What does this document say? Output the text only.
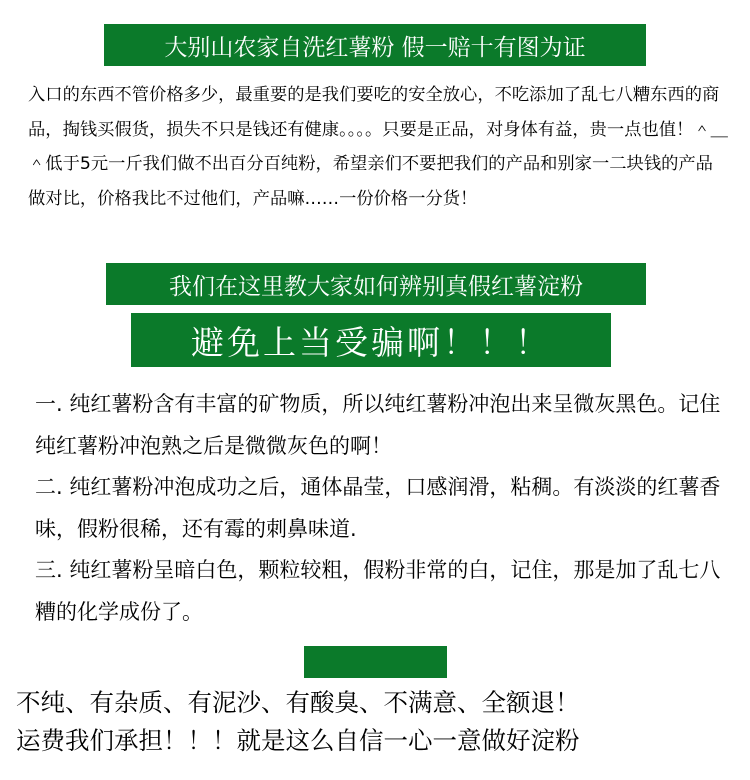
大别山农家自洗红薯粉 假一赔十有图为证
入口的东西不管价格多少，最重要的是我们要吃的安全放心，不吃添加了乱七八糟东西的商品，掏钱买假货，损失不只是钱还有健康。。。。只要是正品，对身体有益，贵一点也值！＾＿＾低于5元一斤我们做不出百分百纯粉，希望亲们不要把我们的产品和别家一二块钱的产品做对比，价格我比不过他们，产品嘛……一份价格一分货！
我们在这里教大家如何辨别真假红薯淀粉
避免上当受骗啊！！！

一. 纯红薯粉含有丰富的矿物质，所以纯红薯粉冲泡出来呈微灰黑色。记住纯红薯粉冲泡熟之后是微微灰色的啊！

二. 纯红薯粉冲泡成功之后，通体晶莹，口感润滑，粘稠。有淡淡的红薯香味，假粉很稀，还有霉的刺鼻味道.

三. 纯红薯粉呈暗白色，颗粒较粗，假粉非常的白，记住，那是加了乱七八糟的化学成份了。

不纯、有杂质、有泥沙、有酸臭、不满意、全额退！

运费我们承担！！！就是这么自信一心一意做好淀粉
